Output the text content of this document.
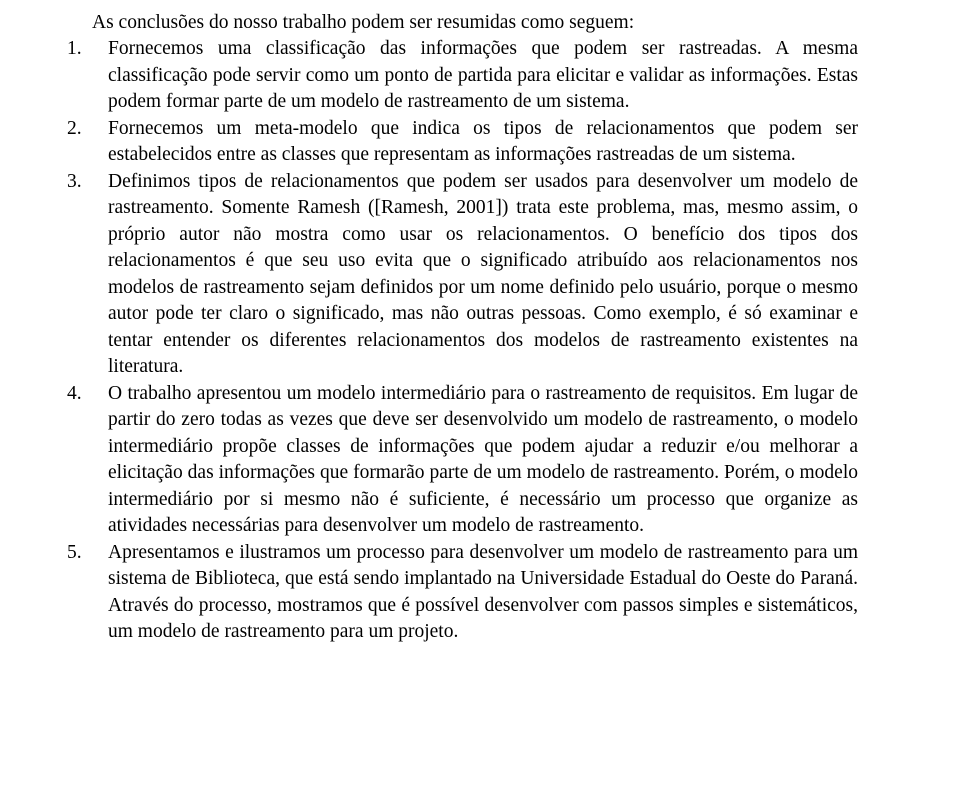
As conclusões do nosso trabalho podem ser resumidas como seguem:

1. Fornecemos uma classificação das informações que podem ser rastreadas. A mesma classificação pode servir como um ponto de partida para elicitar e validar as informações. Estas podem formar parte de um modelo de rastreamento de um sistema.
2. Fornecemos um meta-modelo que indica os tipos de relacionamentos que podem ser estabelecidos entre as classes que representam as informações rastreadas de um sistema.
3. Definimos tipos de relacionamentos que podem ser usados para desenvolver um modelo de rastreamento. Somente Ramesh ([Ramesh, 2001]) trata este problema, mas, mesmo assim, o próprio autor não mostra como usar os relacionamentos. O benefício dos tipos dos relacionamentos é que seu uso evita que o significado atribuído aos relacionamentos nos modelos de rastreamento sejam definidos por um nome definido pelo usuário, porque o mesmo autor pode ter claro o significado, mas não outras pessoas. Como exemplo, é só examinar e tentar entender os diferentes relacionamentos dos modelos de rastreamento existentes na literatura.
4. O trabalho apresentou um modelo intermediário para o rastreamento de requisitos. Em lugar de partir do zero todas as vezes que deve ser desenvolvido um modelo de rastreamento, o modelo intermediário propõe classes de informações que podem ajudar a reduzir e/ou melhorar a elicitação das informações que formarão parte de um modelo de rastreamento. Porém, o modelo intermediário por si mesmo não é suficiente, é necessário um processo que organize as atividades necessárias para desenvolver um modelo de rastreamento.
5. Apresentamos e ilustramos um processo para desenvolver um modelo de rastreamento para um sistema de Biblioteca, que está sendo implantado na Universidade Estadual do Oeste do Paraná. Através do processo, mostramos que é possível desenvolver com passos simples e sistemáticos, um modelo de rastreamento para um projeto.
